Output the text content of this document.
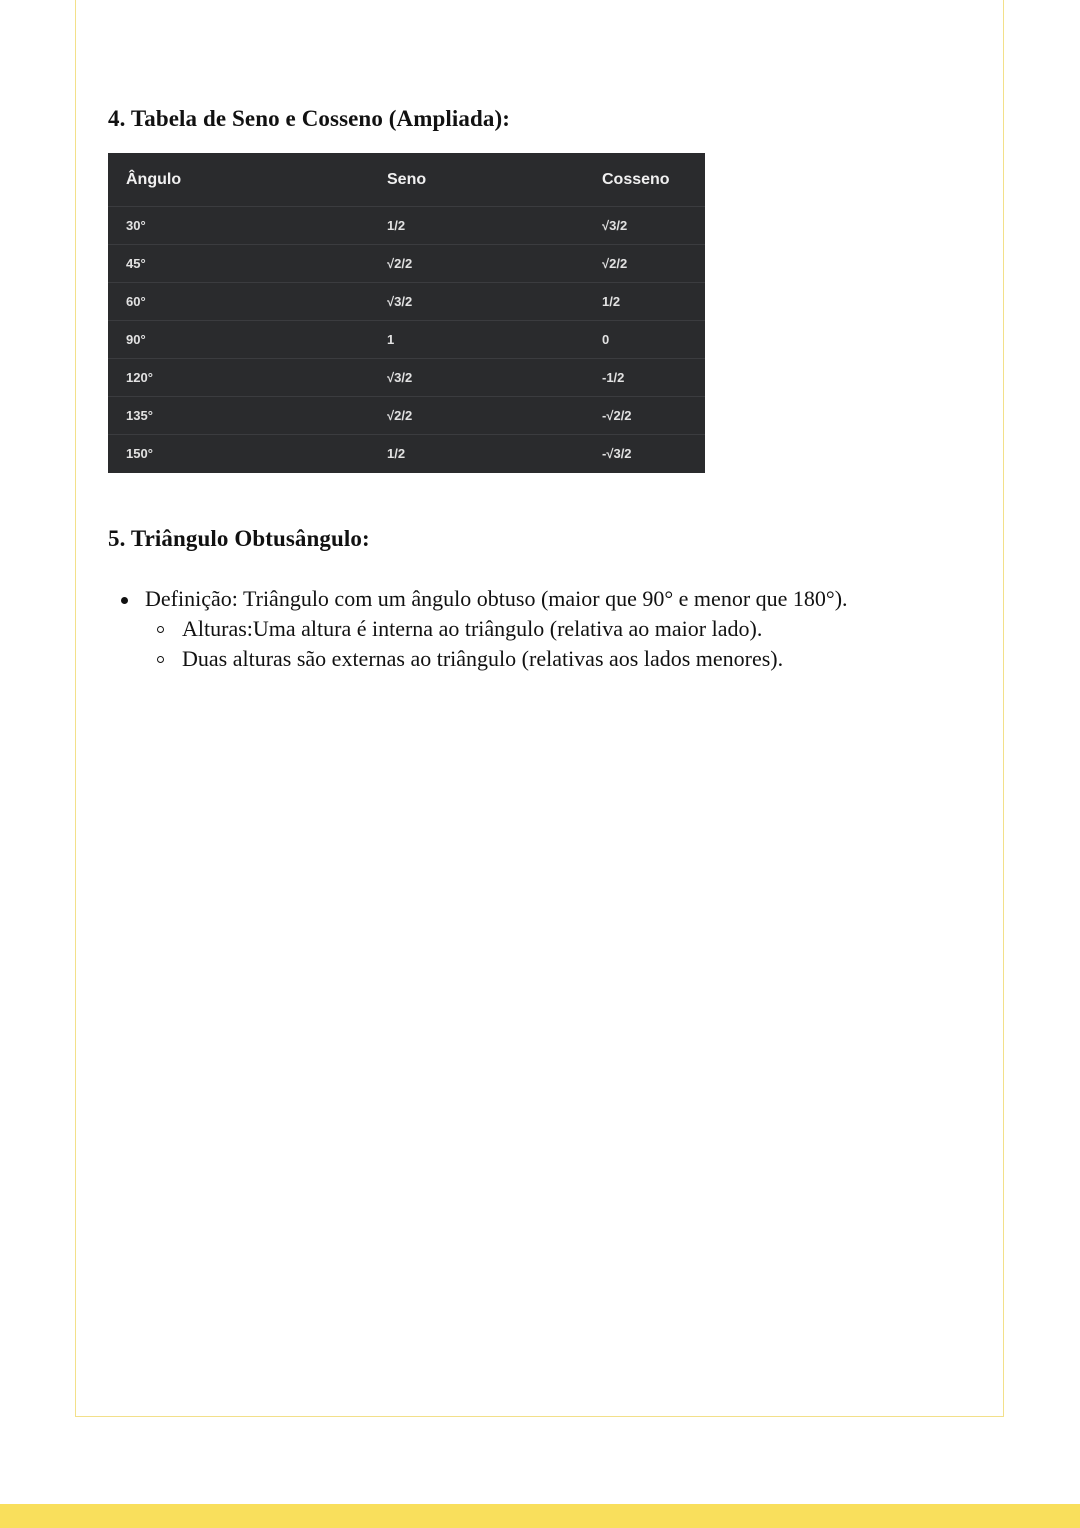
4. Tabela de Seno e Cosseno (Ampliada):
Ângulo	Seno	Cosseno
30°	1/2	√3/2
45°	√2/2	√2/2
60°	√3/2	1/2
90°	1	0
120°	√3/2	-1/2
135°	√2/2	-√2/2
150°	1/2	-√3/2
5. Triângulo Obtusângulo:
Definição: Triângulo com um ângulo obtuso (maior que 90° e menor que 180°).
Alturas:Uma altura é interna ao triângulo (relativa ao maior lado).
Duas alturas são externas ao triângulo (relativas aos lados menores).
